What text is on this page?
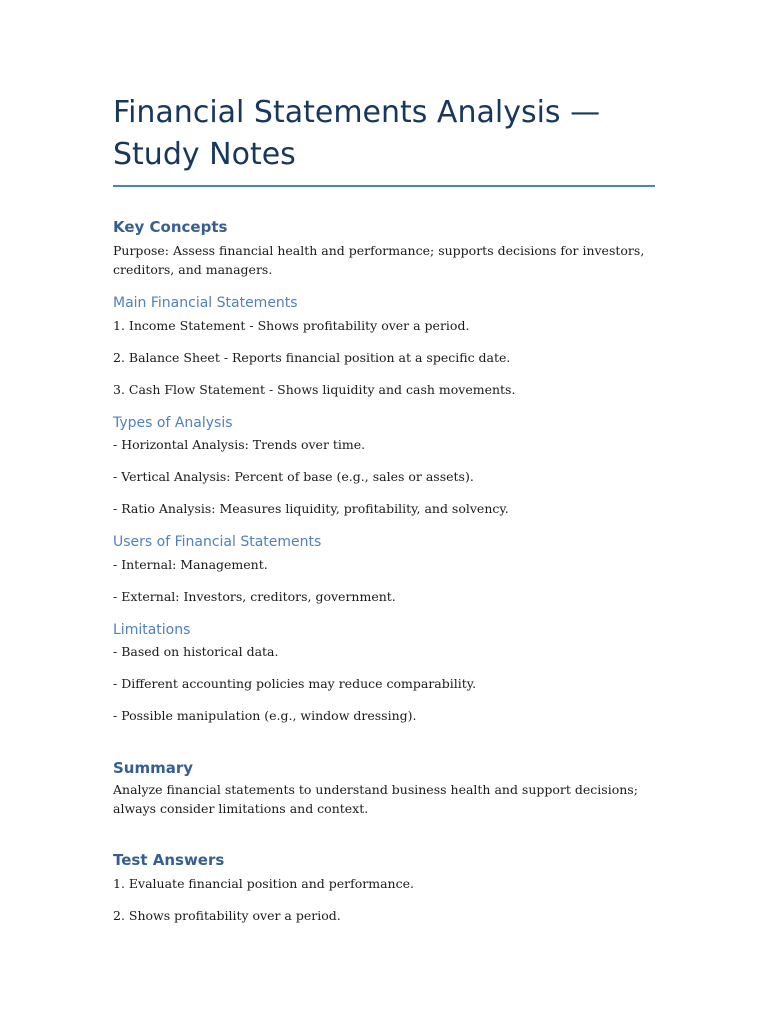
Financial Statements Analysis — Study Notes
Key Concepts

Purpose: Assess financial health and performance; supports decisions for investors, creditors, and managers.

Main Financial Statements

1. Income Statement - Shows profitability over a period.

2. Balance Sheet - Reports financial position at a specific date.

3. Cash Flow Statement - Shows liquidity and cash movements.

Types of Analysis

- Horizontal Analysis: Trends over time.

- Vertical Analysis: Percent of base (e.g., sales or assets).

- Ratio Analysis: Measures liquidity, profitability, and solvency.

Users of Financial Statements

- Internal: Management.

- External: Investors, creditors, government.

Limitations

- Based on historical data.

- Different accounting policies may reduce comparability.

- Possible manipulation (e.g., window dressing).

Summary

Analyze financial statements to understand business health and support decisions; always consider limitations and context.

Test Answers

1. Evaluate financial position and performance.

2. Shows profitability over a period.
